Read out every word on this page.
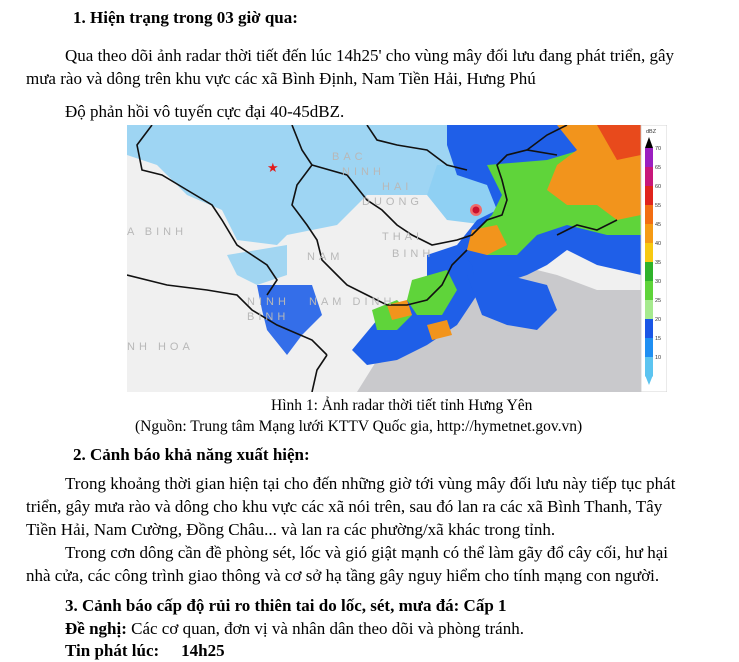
1. Hiện trạng trong 03 giờ qua:
Qua theo dõi ảnh radar thời tiết đến lúc 14h25' cho vùng mây đối lưu đang phát triển, gây
mưa rào và dông trên khu vực các xã Bình Định, Nam Tiền Hải, Hưng Phú
Độ phản hồi vô tuyến cực đại 40-45dBZ.
BAC
NINH
HAI
DUONG
A BINH
NAM
THAI
BINH
NINH
BINH
NAM DINH
NH HOA
★
dBZ
70
65
60
55
45
40
35
30
25
20
15
10
Hình 1: Ảnh radar thời tiết tỉnh Hưng Yên
(Nguồn: Trung tâm Mạng lưới KTTV Quốc gia, http://hymetnet.gov.vn)
2. Cảnh báo khả năng xuất hiện:
Trong khoảng thời gian hiện tại cho đến những giờ tới vùng mây đối lưu này tiếp tục phát
triển, gây mưa rào và dông cho khu vực các xã nói trên, sau đó lan ra các xã Bình Thanh, Tây
Tiền Hải, Nam Cường, Đồng Châu... và lan ra các phường/xã khác trong tỉnh.
Trong cơn dông cần đề phòng sét, lốc và gió giật mạnh có thể làm gãy đổ cây cối, hư hại
nhà cửa, các công trình giao thông và cơ sở hạ tầng gây nguy hiểm cho tính mạng con người.
3. Cảnh báo cấp độ rủi ro thiên tai do lốc, sét, mưa đá: Cấp 1
Đề nghị: Các cơ quan, đơn vị và nhân dân theo dõi và phòng tránh.
Tin phát lúc: 14h25
